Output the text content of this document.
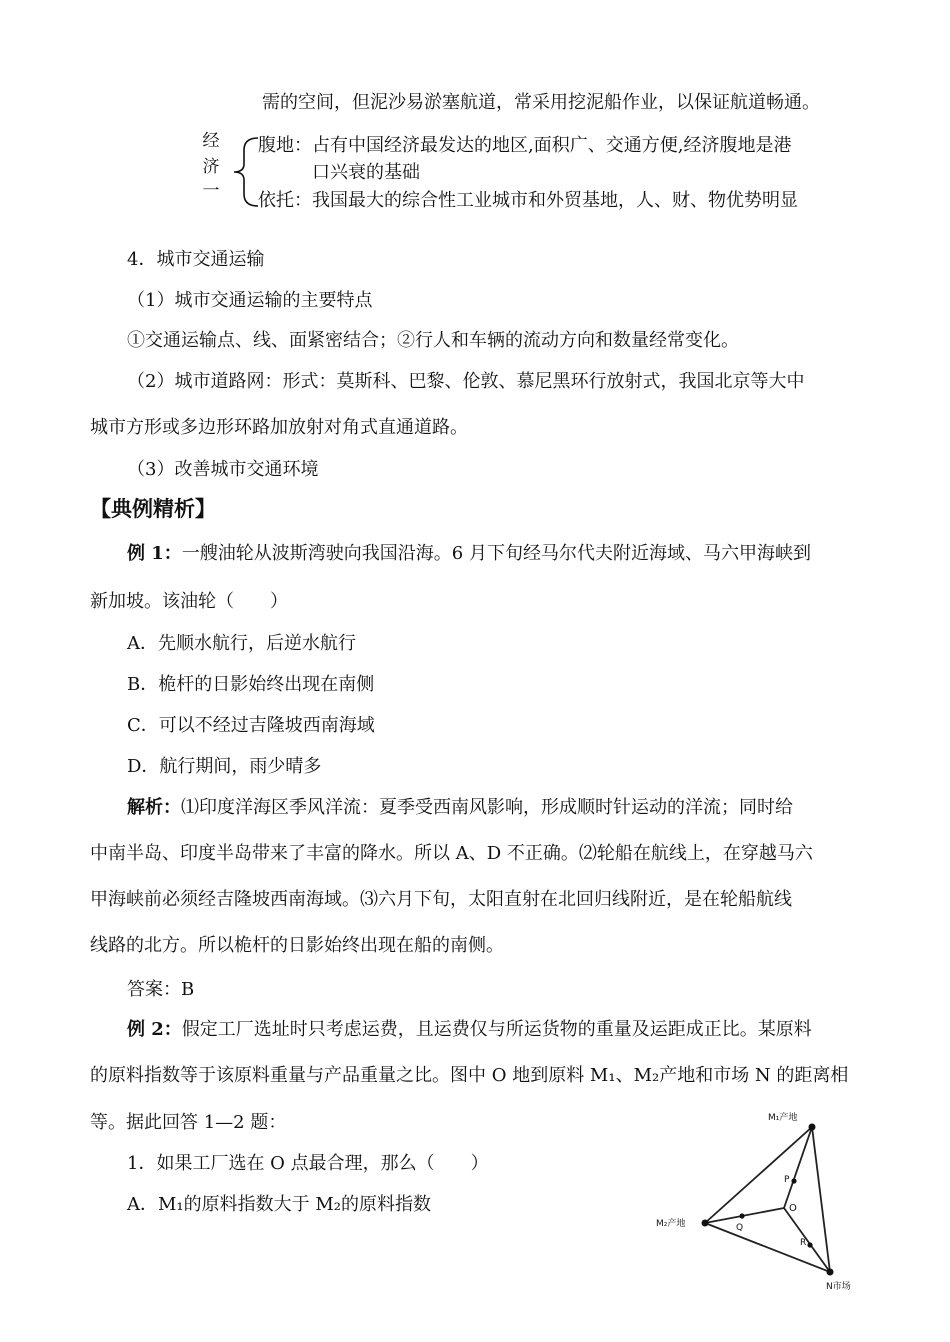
需的空间，但泥沙易淤塞航道，常采用挖泥船作业，以保证航道畅通。
经
济
一
腹地：占有中国经济最发达的地区,面积广、交通方便,经济腹地是港
口兴衰的基础
依托：我国最大的综合性工业城市和外贸基地，人、财、物优势明显
4．城市交通运输
（1）城市交通运输的主要特点
①交通运输点、线、面紧密结合；②行人和车辆的流动方向和数量经常变化。
（2）城市道路网：形式：莫斯科、巴黎、伦敦、慕尼黑环行放射式，我国北京等大中
城市方形或多边形环路加放射对角式直通道路。
（3）改善城市交通环境
【典例精析】
例 1：一艘油轮从波斯湾驶向我国沿海。6 月下旬经马尔代夫附近海域、马六甲海峡到
新加坡。该油轮（　　）
A．先顺水航行，后逆水航行
B．桅杆的日影始终出现在南侧
C．可以不经过吉隆坡西南海域
D．航行期间，雨少晴多
解析：⑴印度洋海区季风洋流：夏季受西南风影响，形成顺时针运动的洋流；同时给
中南半岛、印度半岛带来了丰富的降水。所以 A、D 不正确。⑵轮船在航线上，在穿越马六
甲海峡前必须经吉隆坡西南海域。⑶六月下旬，太阳直射在北回归线附近，是在轮船航线
线路的北方。所以桅杆的日影始终出现在船的南侧。
答案：B
例 2：假定工厂选址时只考虑运费，且运费仅与所运货物的重量及运距成正比。某原料
的原料指数等于该原料重量与产品重量之比。图中 O 地到原料 M₁、M₂产地和市场 N 的距离相
等。据此回答 1—2 题：
1．如果工厂选在 O 点最合理，那么（　　）
A．M₁的原料指数大于 M₂的原料指数
M₁产地
M₂产地
N市场
O
P
Q
R
